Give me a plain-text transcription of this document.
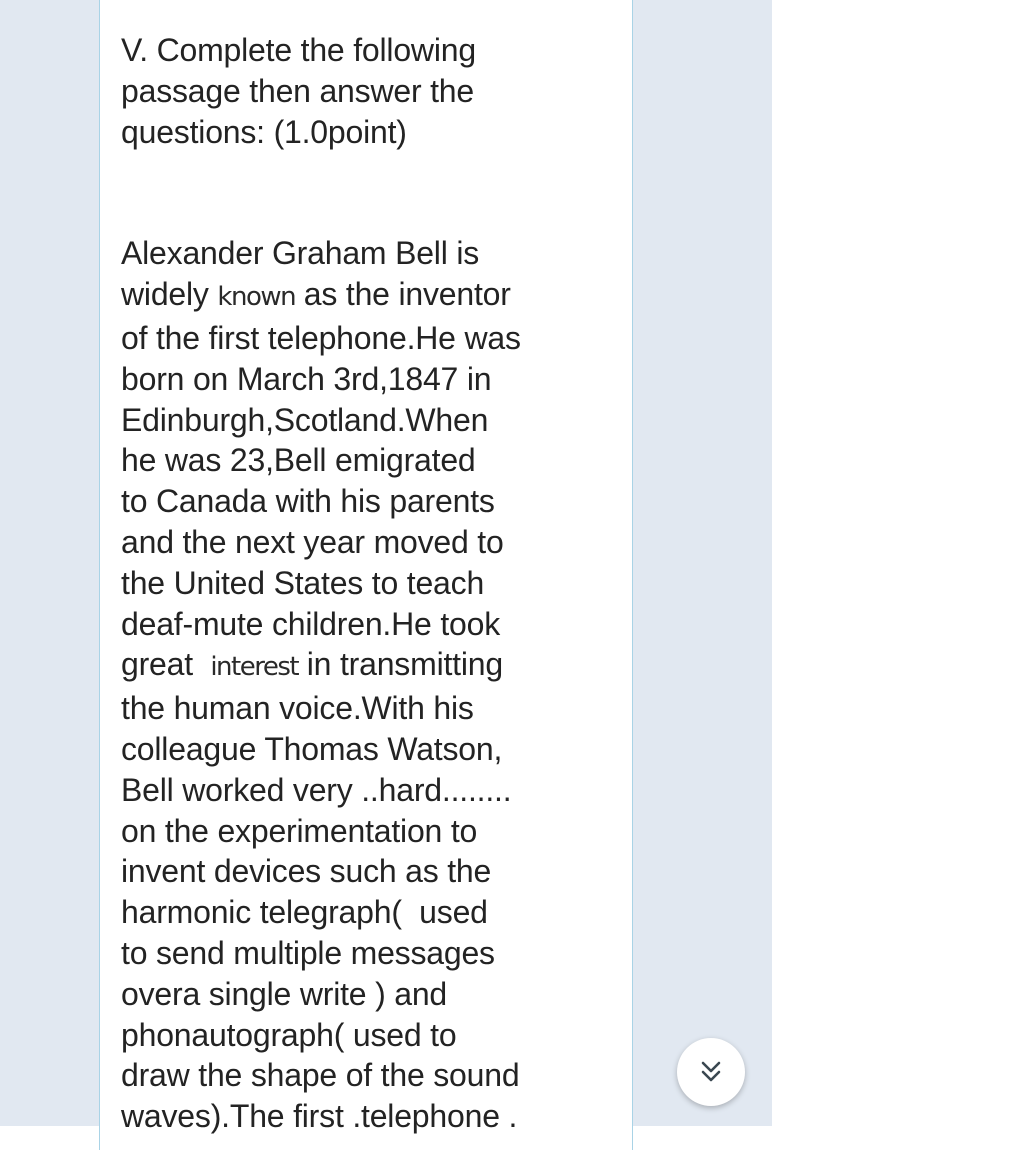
V. Complete the following
passage then answer the
questions: (1.0point)
Alexander Graham Bell is
widely known as the inventor
of the first telephone.He was
born on March 3rd,1847 in
Edinburgh,Scotland.When
he was 23,Bell emigrated
to Canada with his parents
and the next year moved to
the United States to teach
deaf-mute children.He took
great  interest in transmitting
the human voice.With his
colleague Thomas Watson,
Bell worked very ..hard........
on the experimentation to
invent devices such as the
harmonic telegraph(  used
to send multiple messages
overa single write ) and
phonautograph( used to
draw the shape of the sound
waves).The first .telephone .
